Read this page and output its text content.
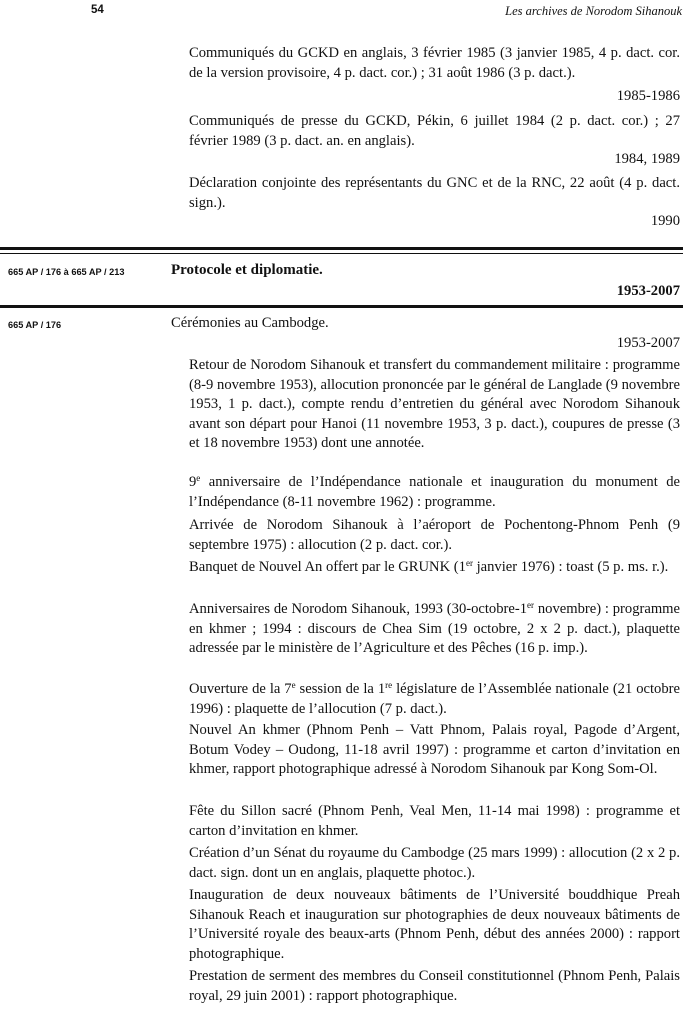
54	Les archives de Norodom Sihanouk
Communiqués du GCKD en anglais, 3 février 1985 (3 janvier 1985, 4 p. dact. cor. de la version provisoire, 4 p. dact. cor.) ; 31 août 1986 (3 p. dact.).
1985-1986
Communiqués de presse du GCKD, Pékin, 6 juillet 1984 (2 p. dact. cor.) ; 27 février 1989 (3 p. dact. an. en anglais).
1984, 1989
Déclaration conjointe des représentants du GNC et de la RNC, 22 août (4 p. dact. sign.).
1990
665 AP / 176 à 665 AP / 213	Protocole et diplomatie.
1953-2007
665 AP / 176	Cérémonies au Cambodge.
1953-2007
Retour de Norodom Sihanouk et transfert du commandement militaire : programme (8-9 novembre 1953), allocution prononcée par le général de Langlade (9 novembre 1953, 1 p. dact.), compte rendu d’entretien du général avec Norodom Sihanouk avant son départ pour Hanoi (11 novembre 1953, 3 p. dact.), coupures de presse (3 et 18 novembre 1953) dont une annotée.
9e anniversaire de l’Indépendance nationale et inauguration du monument de l’Indépendance (8-11 novembre 1962) : programme.
Arrivée de Norodom Sihanouk à l’aéroport de Pochentong-Phnom Penh (9 septembre 1975) : allocution (2 p. dact. cor.).
Banquet de Nouvel An offert par le GRUNK (1er janvier 1976) : toast (5 p. ms. r.).
Anniversaires de Norodom Sihanouk, 1993 (30-octobre-1er novembre) : programme en khmer ; 1994 : discours de Chea Sim (19 octobre, 2 x 2 p. dact.), plaquette adressée par le ministère de l’Agriculture et des Pêches (16 p. imp.).
Ouverture de la 7e session de la 1re législature de l’Assemblée nationale (21 octobre 1996) : plaquette de l’allocution (7 p. dact.).
Nouvel An khmer (Phnom Penh – Vatt Phnom, Palais royal, Pagode d’Argent, Botum Vodey – Oudong, 11-18 avril 1997) : programme et carton d’invitation en khmer, rapport photographique adressé à Norodom Sihanouk par Kong Som-Ol.
Fête du Sillon sacré (Phnom Penh, Veal Men, 11-14 mai 1998) : programme et carton d’invitation en khmer.
Création d’un Sénat du royaume du Cambodge (25 mars 1999) : allocution (2 x 2 p. dact. sign. dont un en anglais, plaquette photoc.).
Inauguration de deux nouveaux bâtiments de l’Université bouddhique Preah Sihanouk Reach et inauguration sur photographies de deux nouveaux bâtiments de l’Université royale des beaux-arts (Phnom Penh, début des années 2000) : rapport photographique.
Prestation de serment des membres du Conseil constitutionnel (Phnom Penh, Palais royal, 29 juin 2001) : rapport photographique.
